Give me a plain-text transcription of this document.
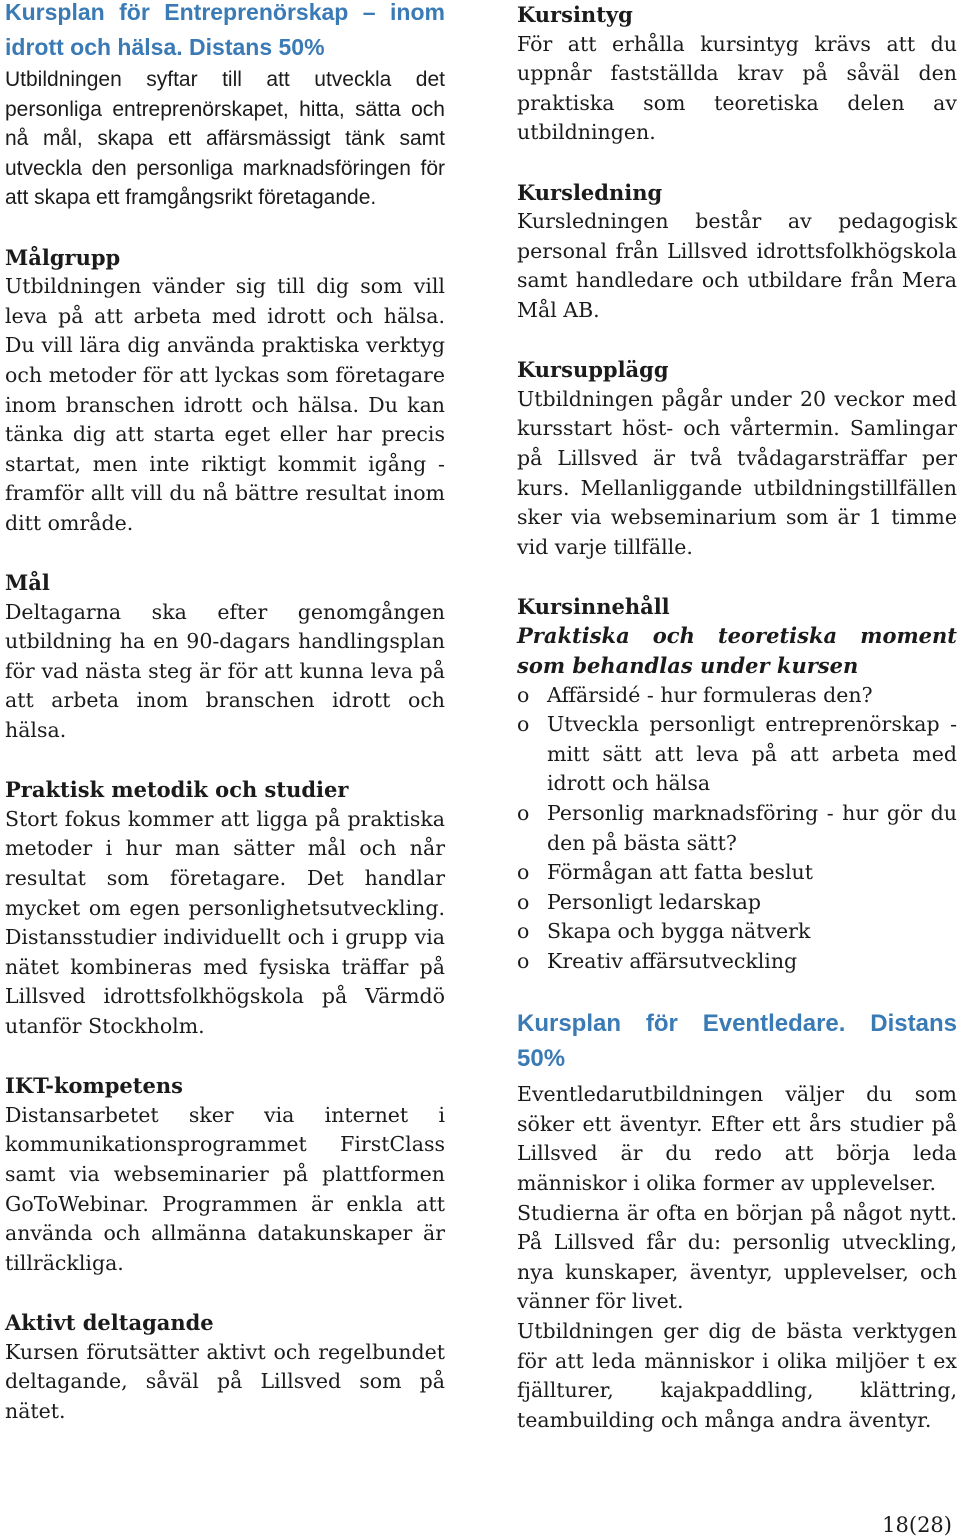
Kursplan för Entreprenörskap – inom idrott och hälsa. Distans 50%

Utbildningen syftar till att utveckla det personliga entreprenörskapet, hitta, sätta och nå mål, skapa ett affärsmässigt tänk samt utveckla den personliga marknadsföringen för att skapa ett framgångsrikt företagande.

Målgrupp

Utbildningen vänder sig till dig som vill leva på att arbeta med idrott och hälsa. Du vill lära dig använda praktiska verktyg och metoder för att lyckas som företagare inom branschen idrott och hälsa. Du kan tänka dig att starta eget eller har precis startat, men inte riktigt kommit igång - framför allt vill du nå bättre resultat inom ditt område.

Mål

Deltagarna ska efter genomgången utbildning ha en 90-dagars handlingsplan för vad nästa steg är för att kunna leva på att arbeta inom branschen idrott och hälsa.

Praktisk metodik och studier

Stort fokus kommer att ligga på praktiska metoder i hur man sätter mål och når resultat som företagare. Det handlar mycket om egen personlighetsutveckling. Distansstudier individuellt och i grupp via nätet kombineras med fysiska träffar på Lillsved idrottsfolkhögskola på Värmdö utanför Stockholm.

IKT-kompetens

Distansarbetet sker via internet i kommunikationsprogrammet FirstClass samt via webseminarier på plattformen GoToWebinar. Programmen är enkla att använda och allmänna datakunskaper är tillräckliga.

Aktivt deltagande

Kursen förutsätter aktivt och regelbundet deltagande, såväl på Lillsved som på nätet.

Kursintyg

För att erhålla kursintyg krävs att du uppnår fastställda krav på såväl den praktiska som teoretiska delen av utbildningen.

Kursledning

Kursledningen består av pedagogisk personal från Lillsved idrottsfolkhögskola samt handledare och utbildare från Mera Mål AB.

Kursupplägg

Utbildningen pågår under 20 veckor med kursstart höst- och vårtermin. Samlingar på Lillsved är två tvådagarsträffar per kurs. Mellanliggande utbildningstillfällen sker via webseminarium som är 1 timme vid varje tillfälle.

Kursinnehåll

Praktiska och teoretiska moment som behandlas under kursen

o Affärsidé - hur formuleras den?
o Utveckla personligt entreprenörskap - mitt sätt att leva på att arbeta med idrott och hälsa
o Personlig marknadsföring - hur gör du den på bästa sätt?
o Förmågan att fatta beslut
o Personligt ledarskap
o Skapa och bygga nätverk
o Kreativ affärsutveckling
Kursplan för Eventledare. Distans 50%

Eventledarutbildningen väljer du som söker ett äventyr. Efter ett års studier på Lillsved är du redo att börja leda människor i olika former av upplevelser.

Studierna är ofta en början på något nytt. På Lillsved får du: personlig utveckling, nya kunskaper, äventyr, upplevelser, och vänner för livet.

Utbildningen ger dig de bästa verktygen för att leda människor i olika miljöer t ex fjällturer, kajakpaddling, klättring, teambuilding och många andra äventyr.

18(28)
